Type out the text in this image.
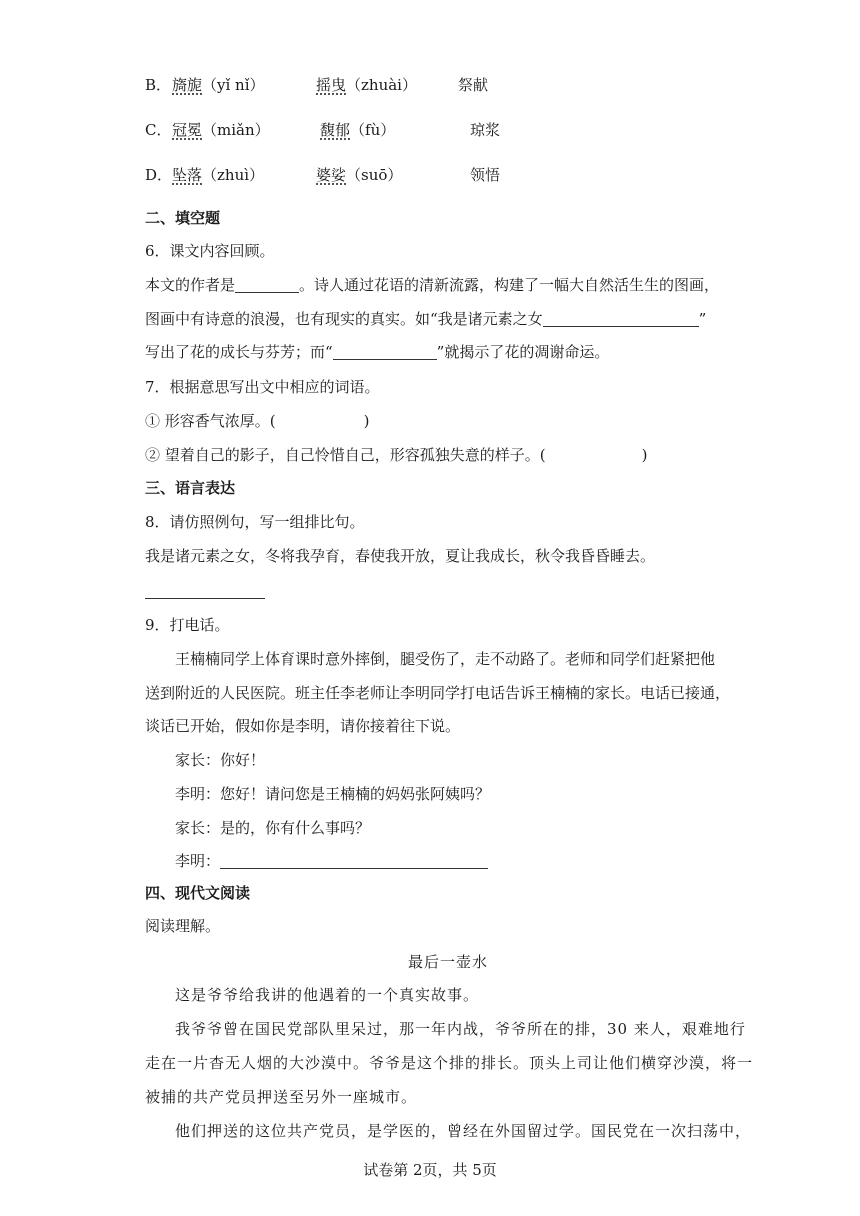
B． 旖旎（yǐ nǐ）	摇曳（zhuài）	祭献
C． 冠冕（miǎn）	馥郁（fù）	琼浆
D． 坠落（zhuì）	婆娑（suō）	领悟
二、填空题
6．课文内容回顾。
本文的作者是	。诗人通过花语的清新流露，构建了一幅大自然活生生的图画，
图画中有诗意的浪漫，也有现实的真实。如“我是诸元素之女	”
写出了花的成长与芬芳；而“	”就揭示了花的凋谢命运。
7．根据意思写出文中相应的词语。
① 形容香气浓厚。(	)
② 望着自己的影子，自己怜惜自己，形容孤独失意的样子。(	)
三、语言表达
8．请仿照例句，写一组排比句。
我是诸元素之女，冬将我孕育，春使我开放，夏让我成长，秋令我昏昏睡去。
9．打电话。
王楠楠同学上体育课时意外摔倒，腿受伤了，走不动路了。老师和同学们赶紧把他
送到附近的人民医院。班主任李老师让李明同学打电话告诉王楠楠的家长。电话已接通，
谈话已开始，假如你是李明，请你接着往下说。
家长：你好！
李明：您好！请问您是王楠楠的妈妈张阿姨吗？
家长：是的，你有什么事吗？
李明：
四、现代文阅读
阅读理解。
最后一壶水
这是爷爷给我讲的他遇着的一个真实故事。
我爷爷曾在国民党部队里呆过，那一年内战，爷爷所在的排，30 来人，艰难地行
走在一片杳无人烟的大沙漠中。爷爷是这个排的排长。顶头上司让他们横穿沙漠，将一
被捕的共产党员押送至另外一座城市。
他们押送的这位共产党员，是学医的，曾经在外国留过学。国民党在一次扫荡中，
试卷第 2页，共 5页
